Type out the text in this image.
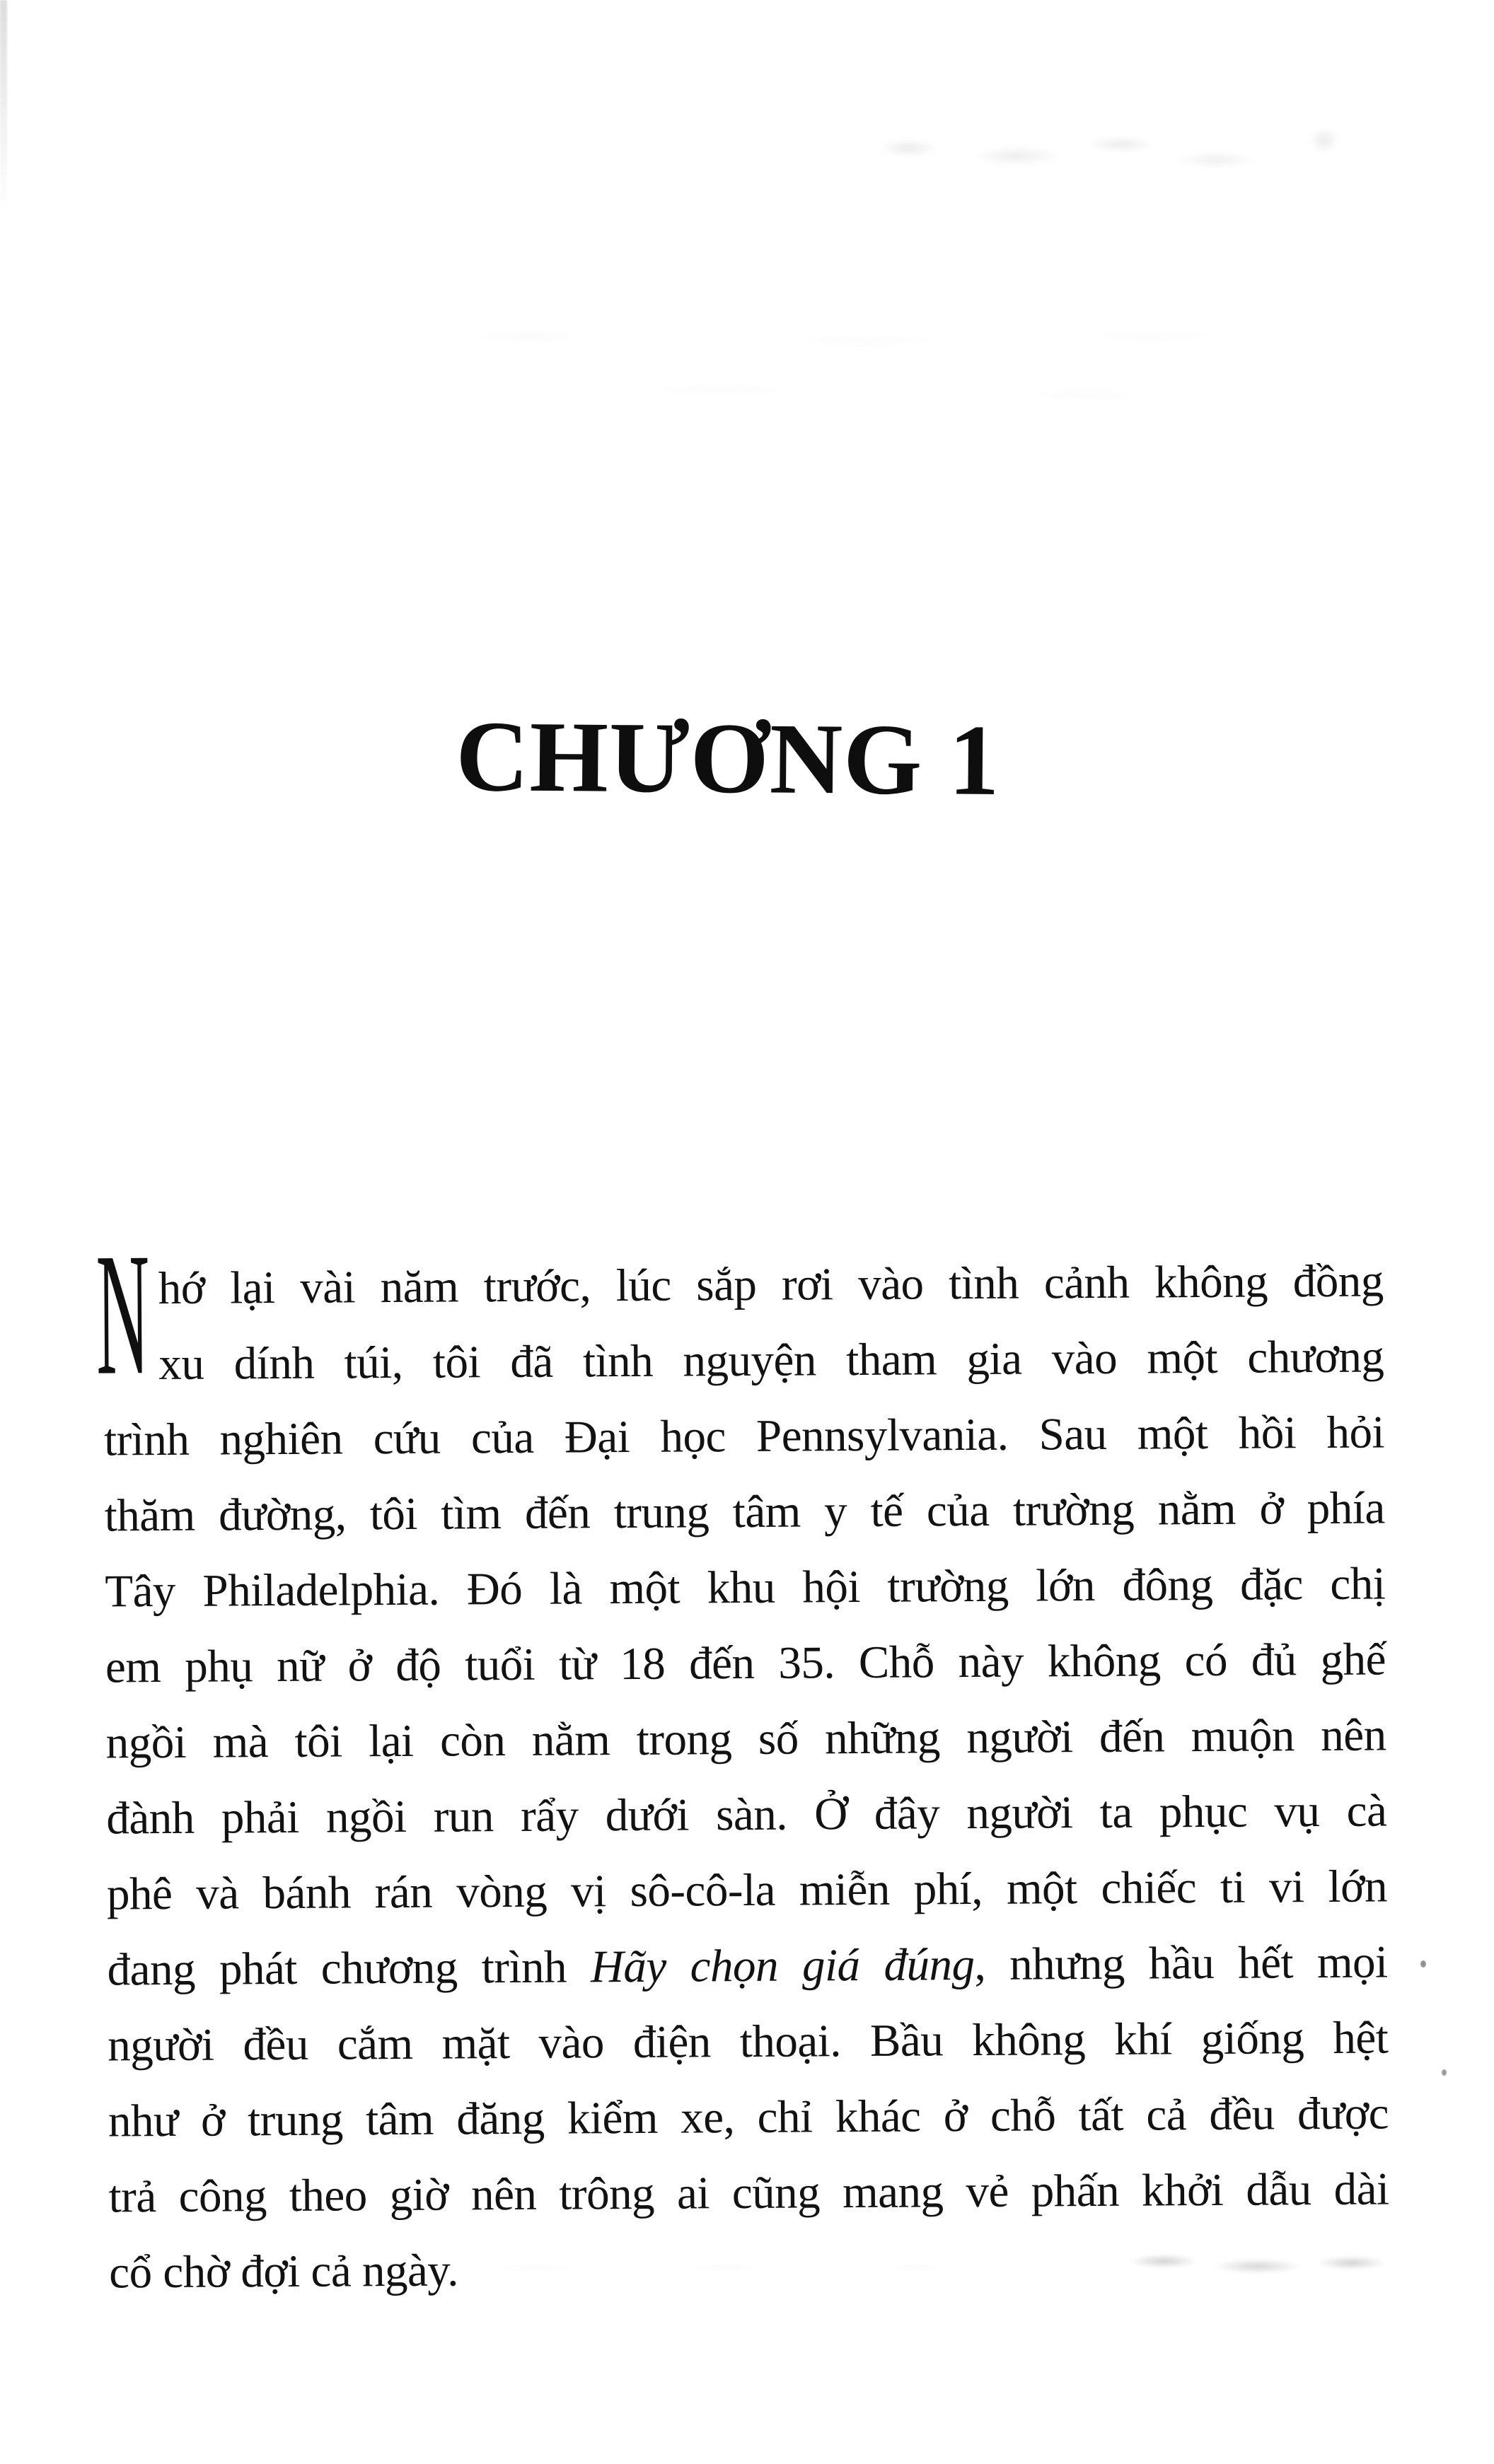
CHƯƠNG 1
N hớ lại vài năm trước, lúc sắp rơi vào tình cảnh không đồng
xu dính túi, tôi đã tình nguyện tham gia vào một chương
trình nghiên cứu của Đại học Pennsylvania. Sau một hồi hỏi
thăm đường, tôi tìm đến trung tâm y tế của trường nằm ở phía
Tây Philadelphia. Đó là một khu hội trường lớn đông đặc chị
em phụ nữ ở độ tuổi từ 18 đến 35. Chỗ này không có đủ ghế
ngồi mà tôi lại còn nằm trong số những người đến muộn nên
đành phải ngồi run rẩy dưới sàn. Ở đây người ta phục vụ cà
phê và bánh rán vòng vị sô-cô-la miễn phí, một chiếc ti vi lớn
đang phát chương trình Hãy chọn giá đúng, nhưng hầu hết mọi
người đều cắm mặt vào điện thoại. Bầu không khí giống hệt
như ở trung tâm đăng kiểm xe, chỉ khác ở chỗ tất cả đều được
trả công theo giờ nên trông ai cũng mang vẻ phấn khởi dẫu dài
cổ chờ đợi cả ngày.
